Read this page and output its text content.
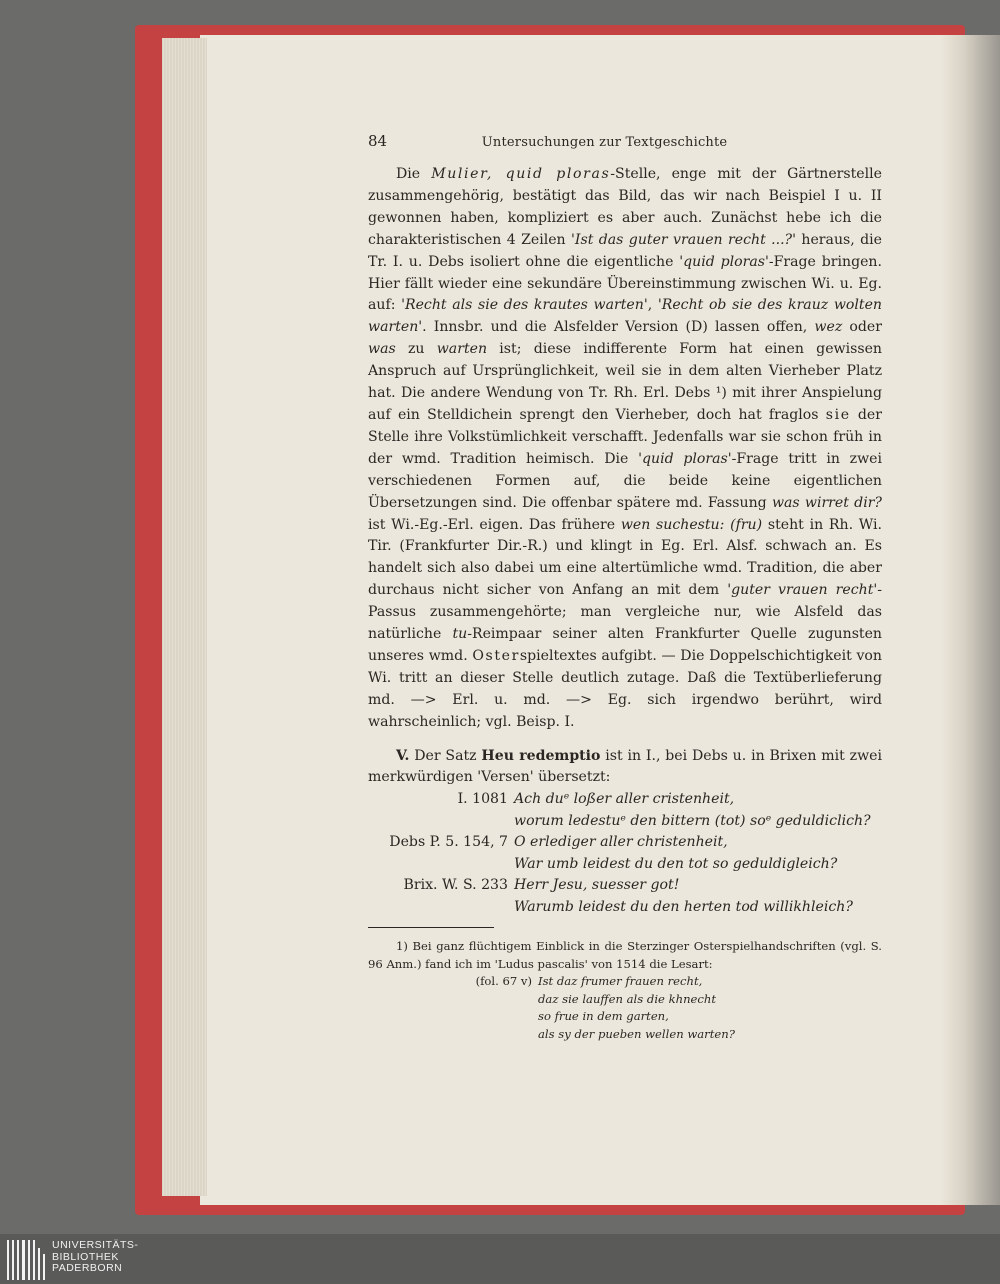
84	Untersuchungen zur Textgeschichte

Die Mulier, quid ploras-Stelle, enge mit der Gärtnerstelle zusammengehörig, bestätigt das Bild, das wir nach Beispiel I u. II gewonnen haben, kompliziert es aber auch. Zunächst hebe ich die charakteristischen 4 Zeilen 'Ist das guter vrauen recht ...?' heraus, die Tr. I. u. Debs isoliert ohne die eigentliche 'quid ploras'-Frage bringen. Hier fällt wieder eine sekundäre Übereinstimmung zwischen Wi. u. Eg. auf: 'Recht als sie des krautes warten', 'Recht ob sie des krauz wolten warten'. Innsbr. und die Alsfelder Version (D) lassen offen, wez oder was zu warten ist; diese indifferente Form hat einen gewissen Anspruch auf Ursprünglichkeit, weil sie in dem alten Vierheber Platz hat. Die andere Wendung von Tr. Rh. Erl. Debs ¹) mit ihrer Anspielung auf ein Stelldichein sprengt den Vierheber, doch hat fraglos sie der Stelle ihre Volkstümlichkeit verschafft. Jedenfalls war sie schon früh in der wmd. Tradition heimisch. Die 'quid ploras'-Frage tritt in zwei verschiedenen Formen auf, die beide keine eigentlichen Übersetzungen sind. Die offenbar spätere md. Fassung was wirret dir? ist Wi.-Eg.-Erl. eigen. Das frühere wen suchestu: (fru) steht in Rh. Wi. Tir. (Frankfurter Dir.-R.) und klingt in Eg. Erl. Alsf. schwach an. Es handelt sich also dabei um eine altertümliche wmd. Tradition, die aber durchaus nicht sicher von Anfang an mit dem 'guter vrauen recht'-Passus zusammengehörte; man vergleiche nur, wie Alsfeld das natürliche tu-Reimpaar seiner alten Frankfurter Quelle zugunsten unseres wmd. Osterspieltextes aufgibt. — Die Doppelschichtigkeit von Wi. tritt an dieser Stelle deutlich zutage. Daß die Textüberlieferung md. —> Erl. u. md. —> Eg. sich irgendwo berührt, wird wahrscheinlich; vgl. Beisp. I.

V. Der Satz Heu redemptio ist in I., bei Debs u. in Brixen mit zwei merkwürdigen 'Versen' übersetzt:

I. 1081 Ach duᵉ loßer aller cristenheit,
worum ledestuᵉ den bittern (tot) soᵉ geduldiclich?
Debs P. 5. 154, 7 O erlediger aller christenheit,
War umb leidest du den tot so geduldigleich?
Brix. W. S. 233 Herr Jesu, suesser got!
Warumb leidest du den herten tod willikhleich?

1) Bei ganz flüchtigem Einblick in die Sterzinger Osterspielhandschriften (vgl. S. 96 Anm.) fand ich im 'Ludus pascalis' von 1514 die Lesart:

(fol. 67 v) Ist daz frumer frauen recht,
daz sie lauffen als die khnecht
so frue in dem garten,
als sy der pueben wellen warten?
UNIVERSITÄTS-
BIBLIOTHEK
PADERBORN
